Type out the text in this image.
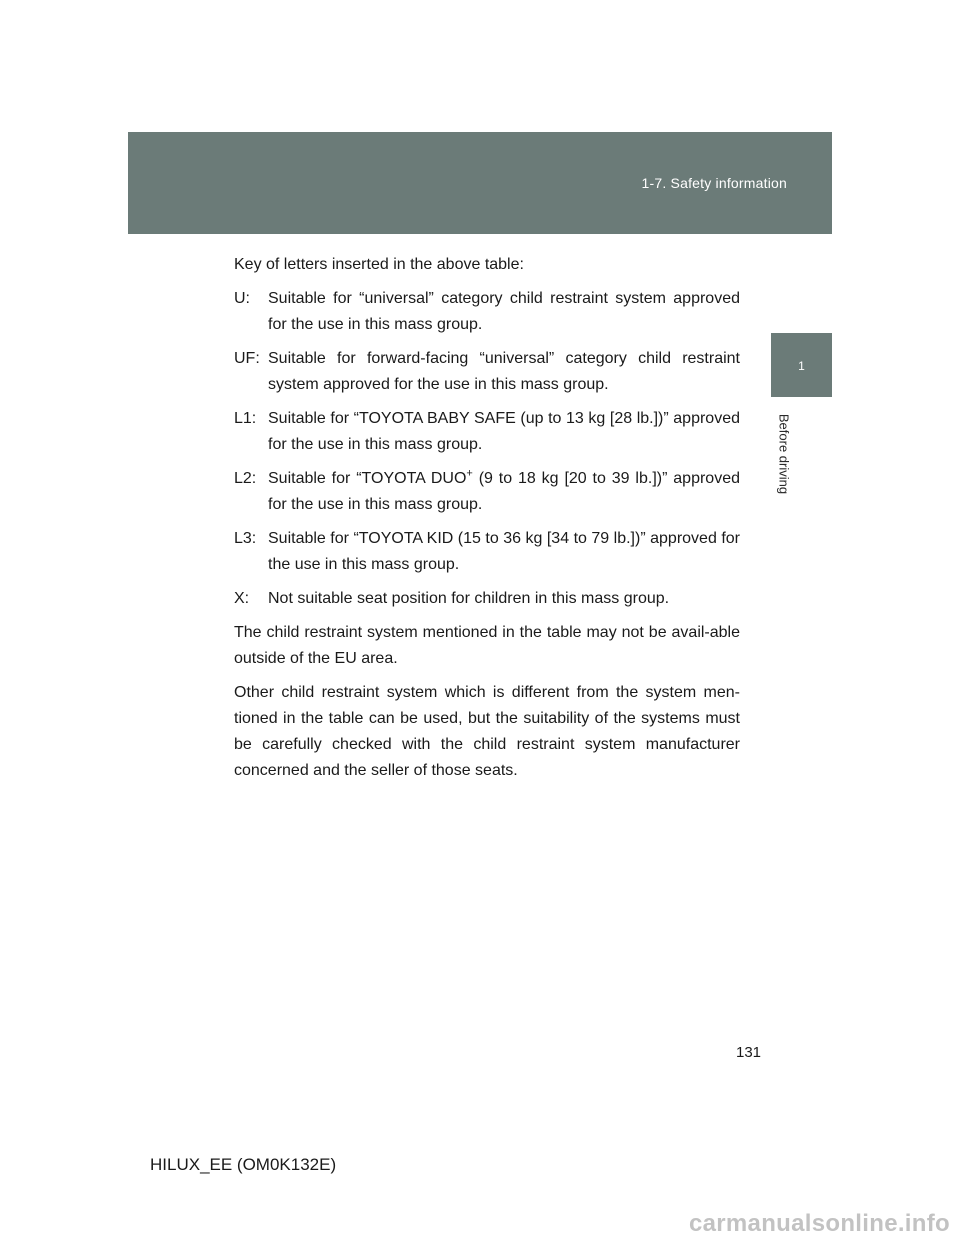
1-7. Safety information
1
Before driving

Key of letters inserted in the above table:

U: Suitable for “universal” category child restraint system approved for the use in this mass group.
UF: Suitable for forward-facing “universal” category child restraint system approved for the use in this mass group.
L1: Suitable for “TOYOTA BABY SAFE (up to 13 kg [28 lb.])” approved for the use in this mass group.
L2: Suitable for “TOYOTA DUO+ (9 to 18 kg [20 to 39 lb.])” approved for the use in this mass group.
L3: Suitable for “TOYOTA KID (15 to 36 kg [34 to 79 lb.])” approved for the use in this mass group.
X: Not suitable seat position for children in this mass group.

The child restraint system mentioned in the table may not be avail-able outside of the EU area.

Other child restraint system which is different from the system men-tioned in the table can be used, but the suitability of the systems must be carefully checked with the child restraint system manufacturer concerned and the seller of those seats.

131
HILUX_EE (OM0K132E)
carmanualsonline.info
